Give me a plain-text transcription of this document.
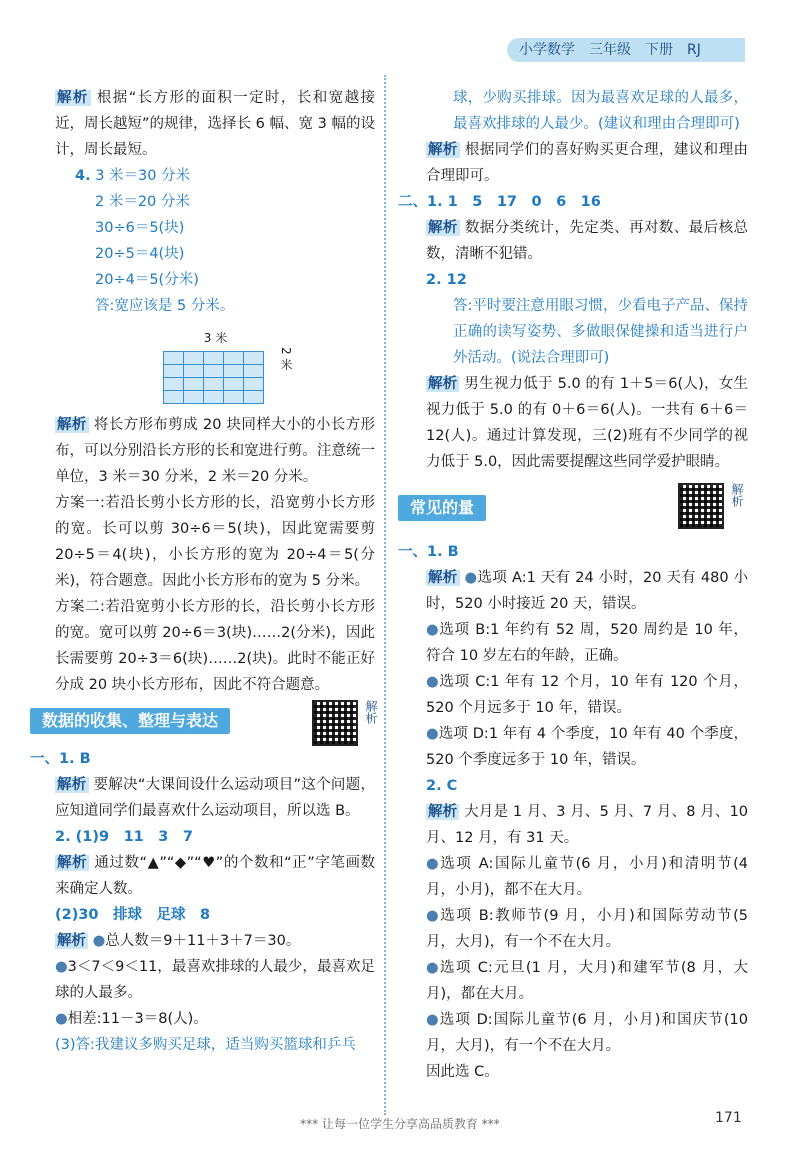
小学数学 三年级 下册 RJ

解析 根据“长方形的面积一定时，长和宽越接近，周长越短”的规律，选择长 6 幅、宽 3 幅的设计，周长最短。

4. 3 米＝30 分米
2 米＝20 分米
30÷6＝5(块)
20÷5＝4(块)
20÷4＝5(分米)
答:宽应该是 5 分米。
3 米

2 米

解析 将长方形布剪成 20 块同样大小的小长方形布，可以分别沿长方形的长和宽进行剪。注意统一单位，3 米＝30 分米，2 米＝20 分米。

方案一:若沿长剪小长方形的长，沿宽剪小长方形的宽。长可以剪 30÷6＝5(块)，因此宽需要剪 20÷5＝4(块)，小长方形的宽为 20÷4＝5(分米)，符合题意。因此小长方形布的宽为 5 分米。

方案二:若沿宽剪小长方形的长，沿长剪小长方形的宽。宽可以剪 20÷6＝3(块)……2(分米)，因此长需要剪 20÷3＝6(块)……2(块)。此时不能正好分成 20 块小长方形布，因此不符合题意。

数据的收集、整理与表达	解析
一、1. B

解析 要解决“大课间设什么运动项目”这个问题，应知道同学们最喜欢什么运动项目，所以选 B。

2. (1)9　11　3　7

解析 通过数“▲”“◆”“♥”的个数和“正”字笔画数来确定人数。

(2)30　排球　足球　8

解析 ●总人数＝9＋11＋3＋7＝30。

●3＜7＜9＜11，最喜欢排球的人最少，最喜欢足球的人最多。

●相差:11－3＝8(人)。

(3)答:我建议多购买足球，适当购买篮球和乒乓

球，少购买排球。因为最喜欢足球的人最多，最喜欢排球的人最少。(建议和理由合理即可)

解析 根据同学们的喜好购买更合理，建议和理由合理即可。

二、1. 1　5　17　0　6　16

解析 数据分类统计，先定类、再对数、最后核总数，清晰不犯错。

2. 12

答:平时要注意用眼习惯，少看电子产品、保持正确的读写姿势、多做眼保健操和适当进行户外活动。(说法合理即可)

解析 男生视力低于 5.0 的有 1＋5＝6(人)，女生视力低于 5.0 的有 0＋6＝6(人)。一共有 6＋6＝12(人)。通过计算发现，三(2)班有不少同学的视力低于 5.0，因此需要提醒这些同学爱护眼睛。

常见的量
解析
一、1. B

解析 ●选项 A:1 天有 24 小时，20 天有 480 小时，520 小时接近 20 天，错误。

●选项 B:1 年约有 52 周，520 周约是 10 年，符合 10 岁左右的年龄，正确。

●选项 C:1 年有 12 个月，10 年有 120 个月，520 个月远多于 10 年，错误。

●选项 D:1 年有 4 个季度，10 年有 40 个季度，520 个季度远多于 10 年，错误。

2. C

解析 大月是 1 月、3 月、5 月、7 月、8 月、10 月、12 月，有 31 天。

●选项 A:国际儿童节(6 月，小月)和清明节(4 月，小月)，都不在大月。

●选项 B:教师节(9 月，小月)和国际劳动节(5 月，大月)，有一个不在大月。

●选项 C:元旦(1 月，大月)和建军节(8 月，大月)，都在大月。

●选项 D:国际儿童节(6 月，小月)和国庆节(10 月，大月)，有一个不在大月。

因此选 C。
*** 让每一位学生分享高品质教育 ***	171
